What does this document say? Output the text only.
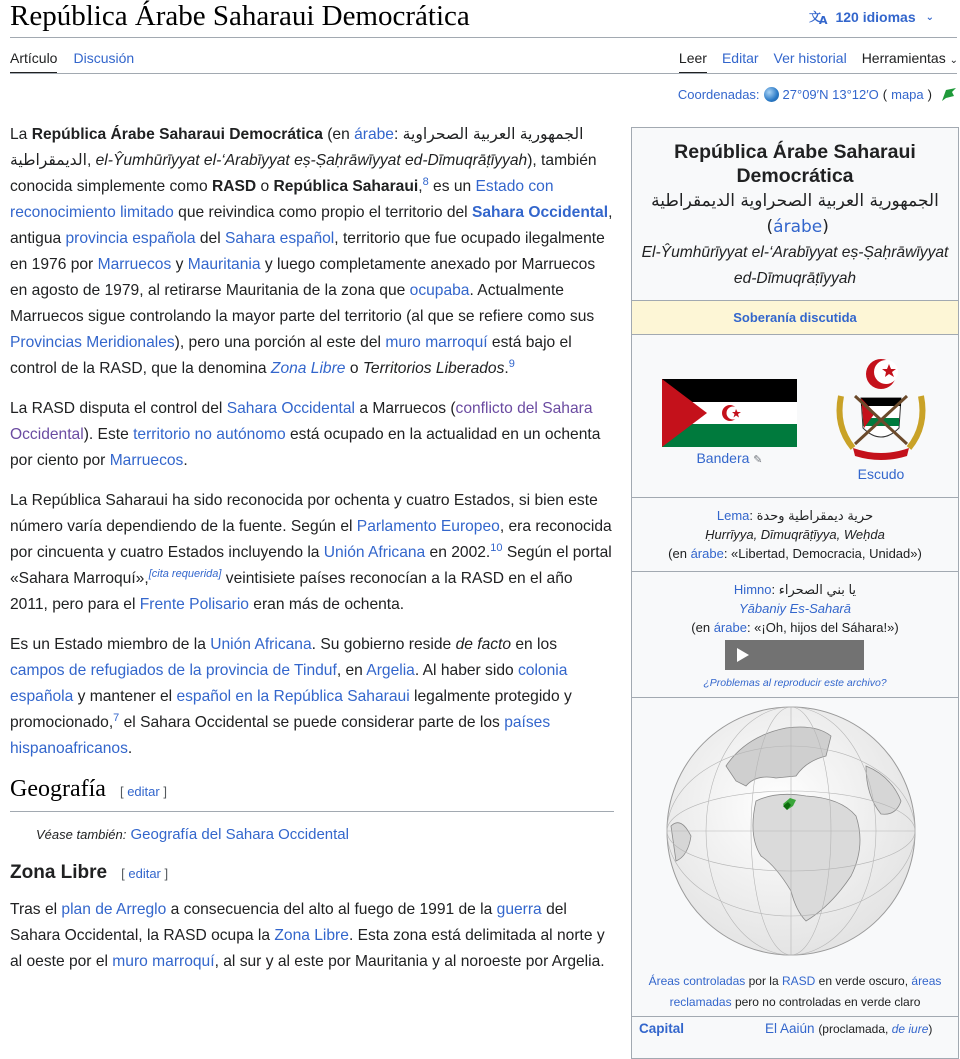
República Árabe Saharaui Democrática	文
A 120 idiomas ⌄
Artículo Discusión	Leer Editar Ver historial Herramientas ⌄
Coordenadas: 27°09′N 13°12′O ( mapa )

La República Árabe Saharaui Democrática (en árabe: الجمهورية العربية الصحراوية الديمقراطية, el-Ŷumhūrīyyat el-‘Arabīyyat eṣ-Ṣaḥrāwīyyat ed-Dīmuqrāṭīyyah), también conocida simplemente como RASD o República Saharaui,$^8$ es un Estado con reconocimiento limitado que reivindica como propio el territorio del Sahara Occidental, antigua provincia española del Sahara español, territorio que fue ocupado ilegalmente en 1976 por Marruecos y Mauritania y luego completamente anexado por Marruecos en agosto de 1979, al retirarse Mauritania de la zona que ocupaba. Actualmente Marruecos sigue controlando la mayor parte del territorio (al que se refiere como sus Provincias Meridionales), pero una porción al este del muro marroquí está bajo el control de la RASD, que la denomina Zona Libre o Territorios Liberados.$^9$

La RASD disputa el control del Sahara Occidental a Marruecos (conflicto del Sahara Occidental). Este territorio no autónomo está ocupado en la actualidad en un ochenta por ciento por Marruecos.

La República Saharaui ha sido reconocida por ochenta y cuatro Estados, si bien este número varía dependiendo de la fuente. Según el Parlamento Europeo, era reconocida por cincuenta y cuatro Estados incluyendo la Unión Africana en 2002.10 Según el portal «Sahara Marroquí»,[cita requerida] veintisiete países reconocían a la RASD en el año 2011, pero para el Frente Polisario eran más de ochenta.

Es un Estado miembro de la Unión Africana. Su gobierno reside de facto en los campos de refugiados de la provincia de Tinduf, en Argelia. Al haber sido colonia española y mantener el español en la República Saharaui legalmente protegido y promocionado,$^7$ el Sahara Occidental se puede considerar parte de los países hispanoafricanos.

Geografía [ editar ]
Véase también: Geografía del Sahara Occidental
Zona Libre [ editar ]

Tras el plan de Arreglo a consecuencia del alto al fuego de 1991 de la guerra del Sahara Occidental, la RASD ocupa la Zona Libre. Esta zona está delimitada al norte y al oeste por el muro marroquí, al sur y al este por Mauritania y al noroeste por Argelia.

República Árabe Saharaui Democrática
الجمهورية العربية الصحراوية الديمقراطية  (árabe)
El-Ŷumhūrīyyat el-‘Arabīyyat eṣ-Ṣaḥrāwīyyat ed-Dīmuqrāṭīyyah
Soberanía discutida
Bandera ✎
Escudo
Lema: حرية ديمقراطية وحدة
Ḥurrīyya, Dīmuqrāṭīyya, Weḥda
(en árabe: «Libertad, Democracia, Unidad»)
Himno: يا بني الصحراء
Yābaniy Es-Saharā
(en árabe: «¡Oh, hijos del Sáhara!»)
¿Problemas al reproducir este archivo?
Áreas controladas por la RASD en verde oscuro, áreas reclamadas pero no controladas en verde claro
Capital	El Aaiún (proclamada, de iure)
